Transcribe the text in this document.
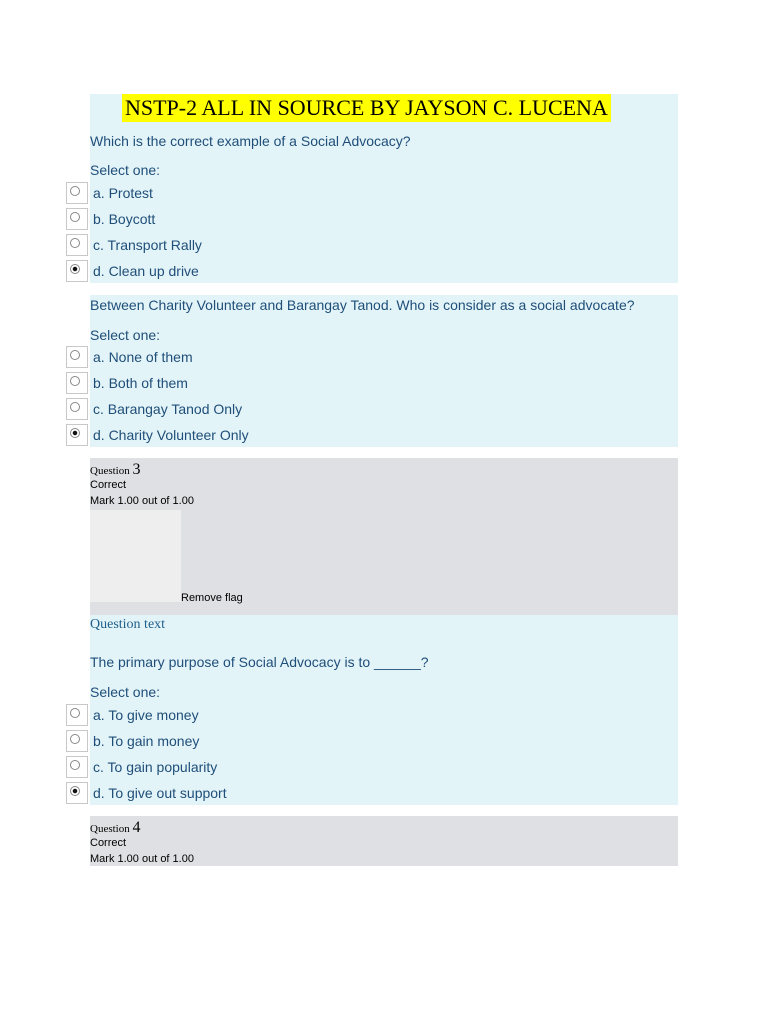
NSTP-2 ALL IN SOURCE BY JAYSON C. LUCENA
Which is the correct example of a Social Advocacy?
Select one:
a. Protest
b. Boycott
c. Transport Rally
d. Clean up drive
Between Charity Volunteer and Barangay Tanod. Who is consider as a social advocate?
Select one:
a. None of them
b. Both of them
c. Barangay Tanod Only
d. Charity Volunteer Only
Question 3
Correct
Mark 1.00 out of 1.00
Remove flag
Question text
The primary purpose of Social Advocacy is to ______?
Select one:
a. To give money
b. To gain money
c. To gain popularity
d. To give out support
Question 4
Correct
Mark 1.00 out of 1.00
